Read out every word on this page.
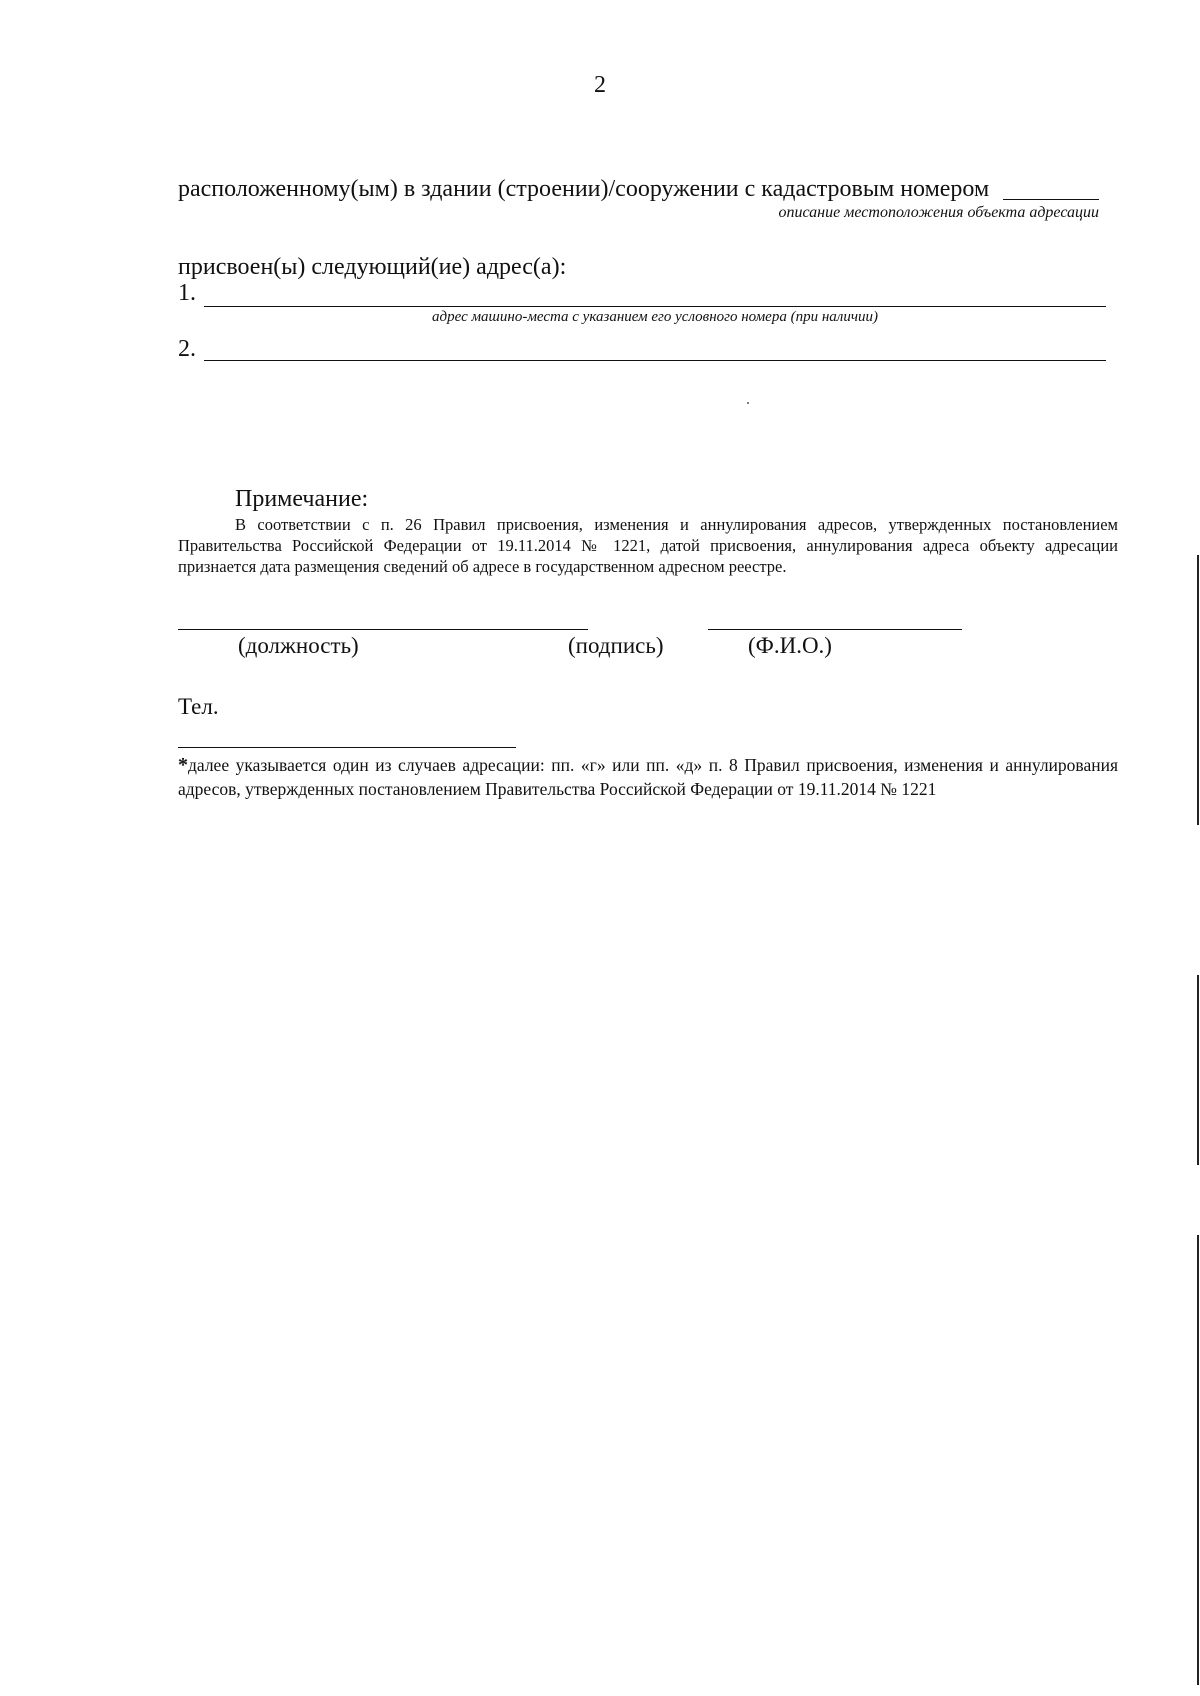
2
расположенному(ым) в здании (строении)/сооружении с кадастровым номером
описание местоположения объекта адресации
присвоен(ы) следующий(ие) адрес(а):
1.
адрес машино-места с указанием его условного номера (при наличии)
2.
Примечание:

В соответствии с п. 26 Правил присвоения, изменения и аннулирования адресов, утвержденных постановлением Правительства Российской Федерации от 19.11.2014 № 1221, датой присвоения, аннулирования адреса объекту адресации признается дата размещения сведений об адресе в государственном адресном реестре.

(должность)	(подпись)	(Ф.И.О.)
Тел.

*далее указывается один из случаев адресации: пп. «г» или пп. «д» п. 8 Правил присвоения, изменения и аннулирования адресов, утвержденных постановлением Правительства Российской Федерации от 19.11.2014 № 1221
